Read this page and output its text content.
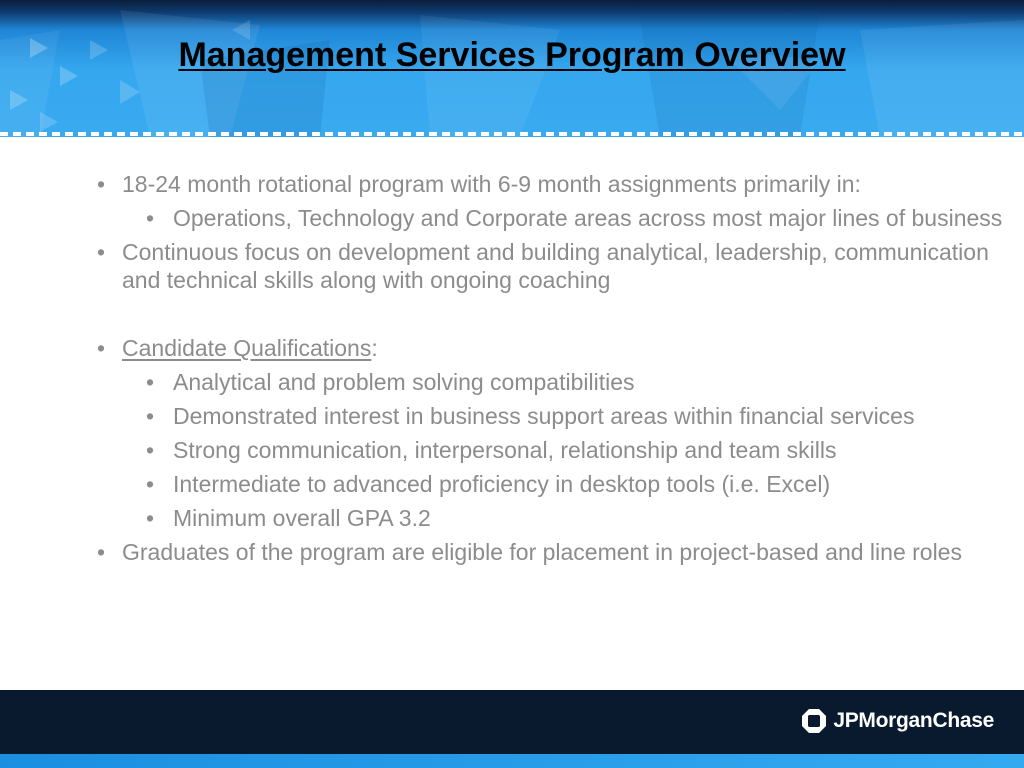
Management Services Program Overview
• 18-24 month rotational program with 6-9 month assignments primarily in:
• Operations, Technology and Corporate areas across most major lines of business
• Continuous focus on development and building analytical, leadership, communication and technical skills along with ongoing coaching
• Candidate Qualifications:
• Analytical and problem solving compatibilities
• Demonstrated interest in business support areas within financial services
• Strong communication, interpersonal, relationship and team skills
• Intermediate to advanced proficiency in desktop tools (i.e. Excel)
• Minimum overall GPA 3.2
• Graduates of the program are eligible for placement in project-based and line roles
JPMorganChase
